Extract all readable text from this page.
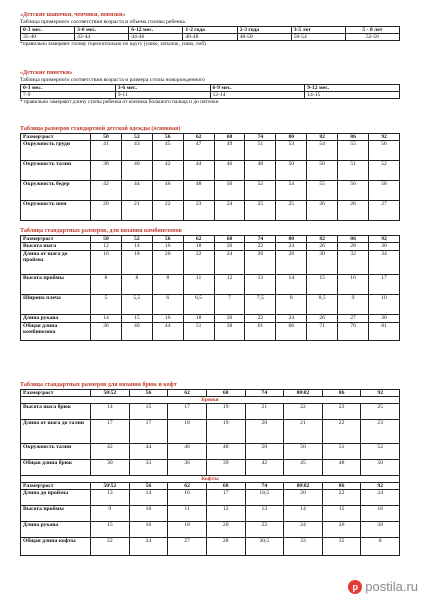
«Детские шапочки, чепчики, повязки»
Таблица примерного соответствия возраста и объема головы ребенка.
0-3 мес.	3-6 мес.	6-12 мес.	1-2 года	2-3 года	3-5 лет	5 - 8 лет
35-40	42-44	44-46	46-48	48-50	50-54	52-56
*правильно замеряют голову горизонтально по кругу (ушко, затылок, ушко, лоб)
«Детские пинетки»
Таблица примерного соответствия возраста и размера стопы новорожденного
0-3 мес.	3-6 мес.	6-9 мес.	9-12 мес.
7-9	9-11	12-14	14-15
* правильно замеряют длину стопы ребенка от кончика большого пальца и до пяточки
Таблица размеров стандартной детской одежды (основная)
Размер\рост	50	52	56	62	68	74	80	82	86	92
Окружность груди	41	43	45	47	49	51	53	54	55	56
Окружность талии	38	40	42	44	46	48	50	50	51	52
Окружность бедер	42	44	46	48	50	52	54	55	56	58
Окружность шеи	20	21	22	23	24	25	25	26	26	27
Таблица стандартных размеров, для вязания комбинезонов
Размер\рост	50	52	56	62	68	74	80	82	86	92
Высота шага	12	14	16	18	20	22	24	26	28	30
Длина от шага до проймы	16	18	20	22	24	26	28	30	32	34
Высота проймы	8	8	8	11	12	13	14	15	16	17
Ширина плеча	5	5,5	6	6,5	7	7,5	8	8,5	9	10
Длина рукава	14	15	16	18	20	22	24	26	27	30
Общая длина комбинезона	36	40	44	51	38	61	66	71	76	81
Таблица стандартных размеров для вязания брюк и кофт
Размер\рост	50\52	56	62	68	74	80\82	86	92
Брюки								
Высота шага брюк	14	15	17	19	21	22	23	25
Длина от шага до талии	17	17	18	19	20	21	22	23
Окружность талии	42	44	46	48	50	50	51	52
Общая длина брюк	30	33	36	39	42	45	48	50
Кофты								
Размер\рост	50\52	56	62	68	74	80\82	86	92
Длина до проймы	13	14	16	17	18,5	20	22	24
Высота проймы	9	10	11	12	13	14	15	16
Длина рукава	15	16	18	20	22	24	26	28
Общая длина кофты	22	24	27	28	30,5	33	35	8
p postila.ru
